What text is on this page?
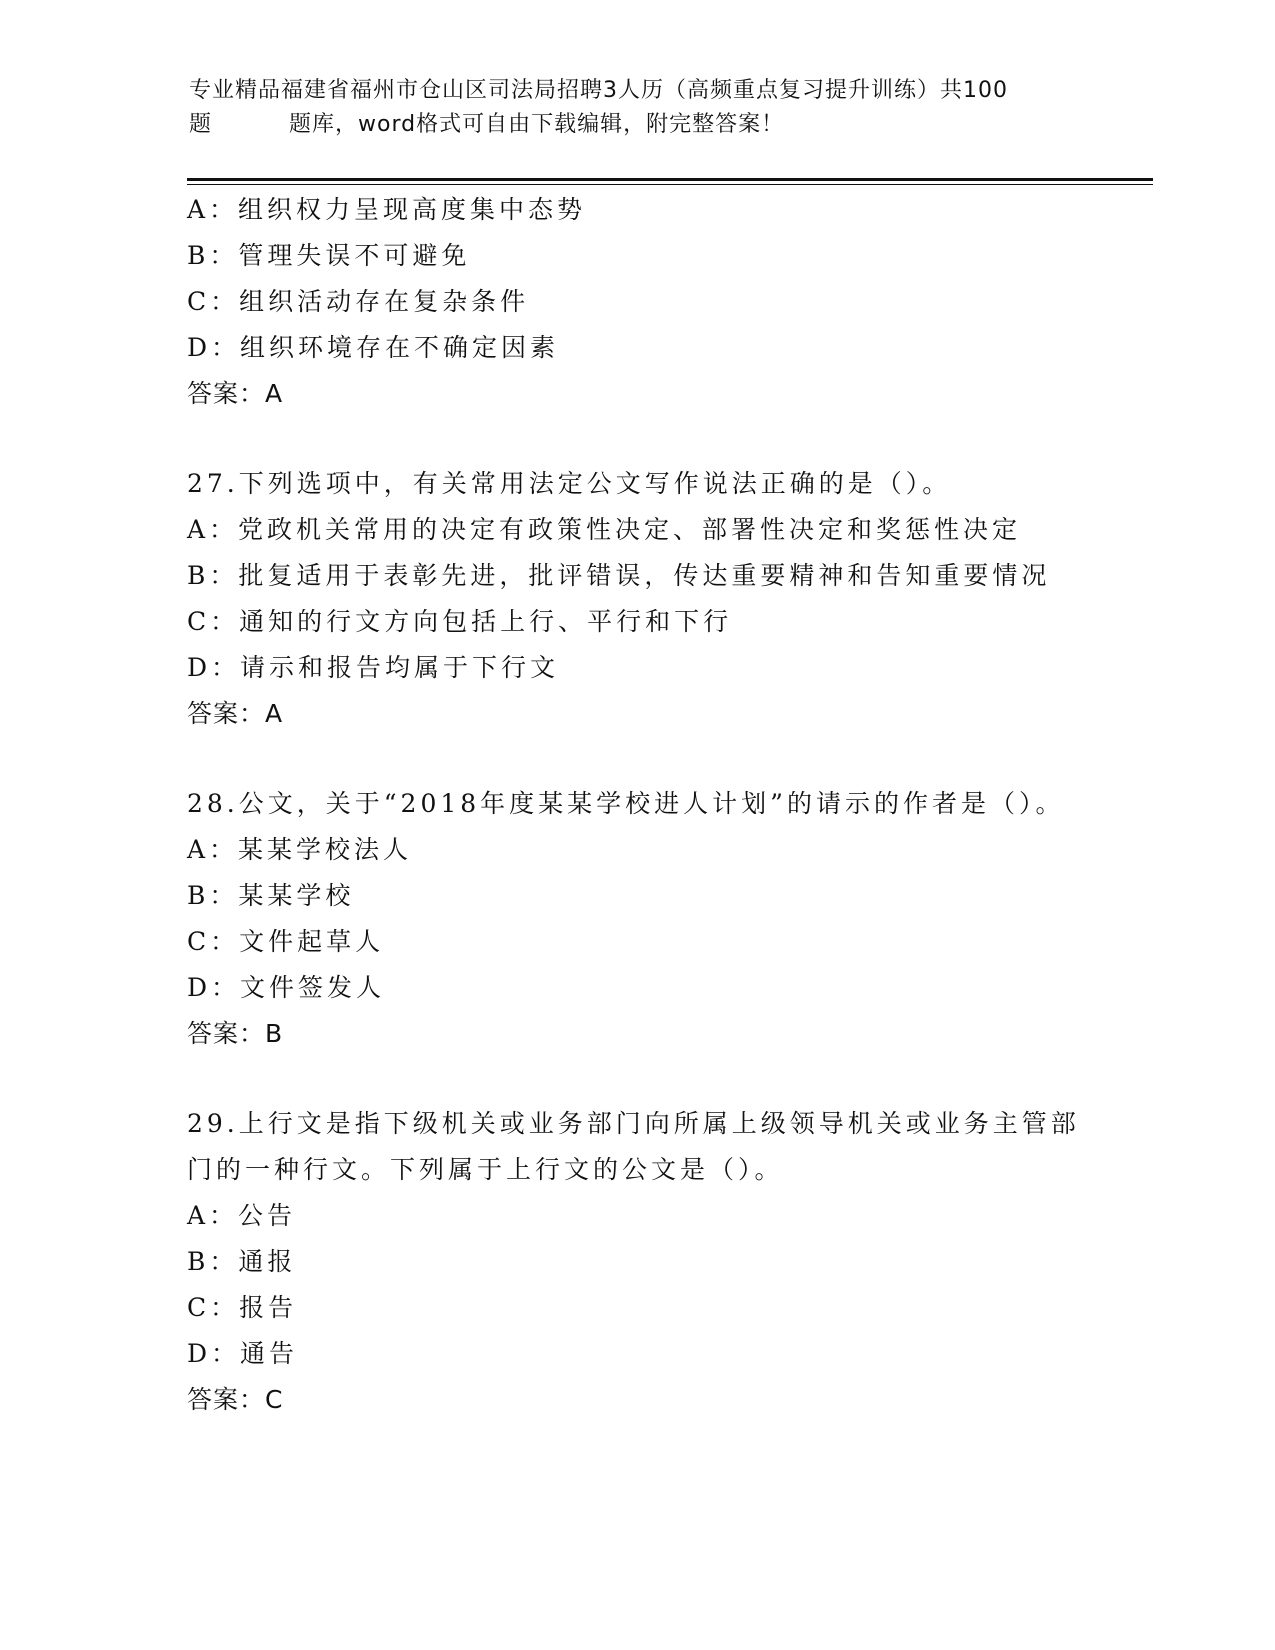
专业精品福建省福州市仓山区司法局招聘3人历（高频重点复习提升训练）共100
题	题库，word格式可自由下载编辑，附完整答案！
A：组织权力呈现高度集中态势
B：管理失误不可避免
C：组织活动存在复杂条件
D：组织环境存在不确定因素
答案：A
27.下列选项中，有关常用法定公文写作说法正确的是（）。
A：党政机关常用的决定有政策性决定、部署性决定和奖惩性决定
B：批复适用于表彰先进，批评错误，传达重要精神和告知重要情况
C：通知的行文方向包括上行、平行和下行
D：请示和报告均属于下行文
答案：A
28.公文，关于“2018年度某某学校进人计划”的请示的作者是（）。
A：某某学校法人
B：某某学校
C：文件起草人
D：文件签发人
答案：B
29.上行文是指下级机关或业务部门向所属上级领导机关或业务主管部
门的一种行文。下列属于上行文的公文是（）。
A：公告
B：通报
C：报告
D：通告
答案：C
